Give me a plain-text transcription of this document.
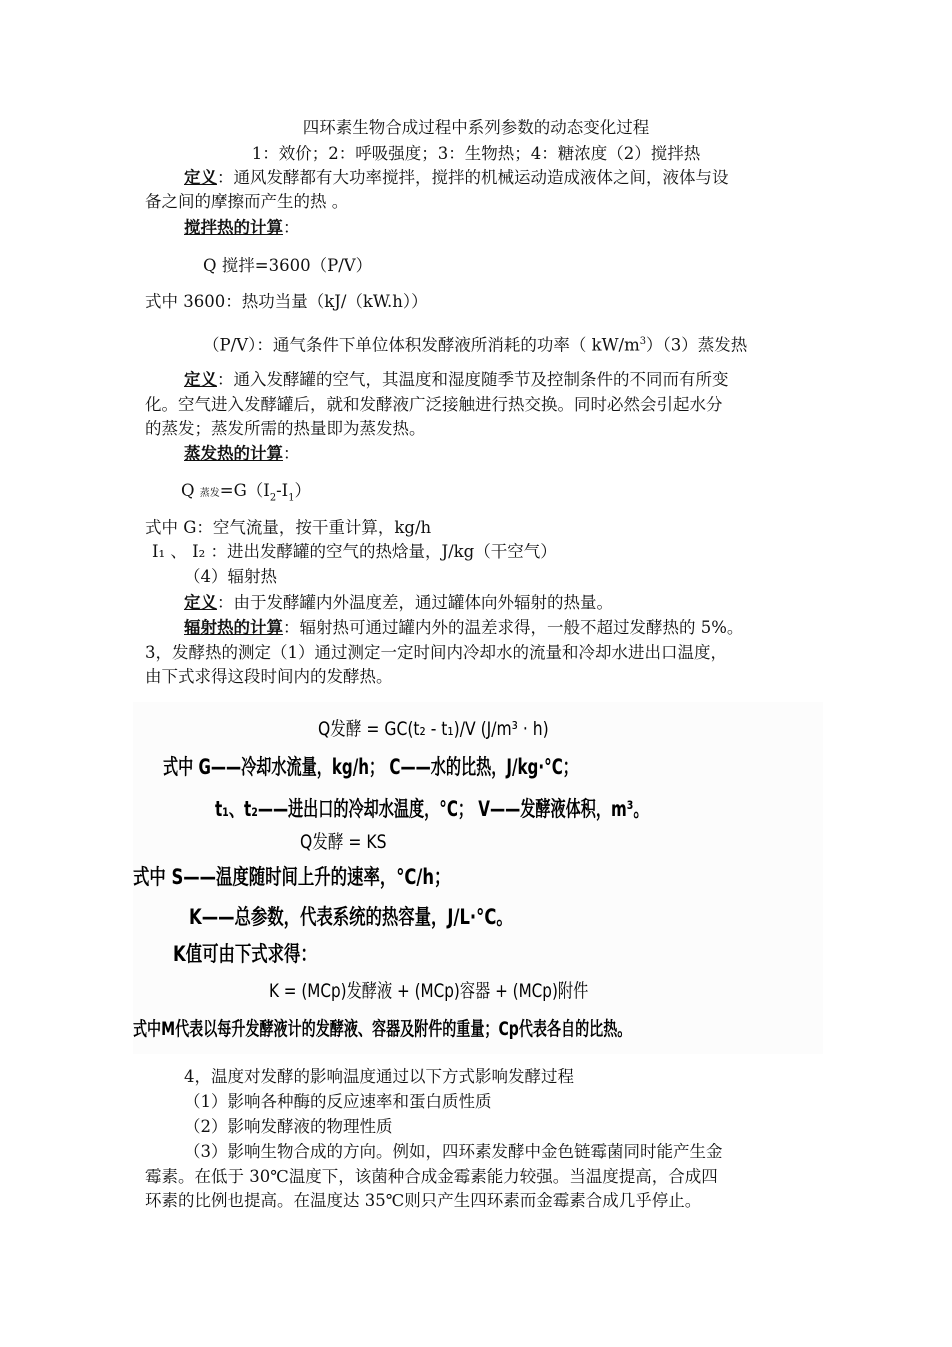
四环素生物合成过程中系列参数的动态变化过程
1：效价；2：呼吸强度；3：生物热；4：糖浓度（2）搅拌热
定义：通风发酵都有大功率搅拌，搅拌的机械运动造成液体之间，液体与设
备之间的摩擦而产生的热 。
搅拌热的计算：
Q 搅拌=3600（P/V）
式中 3600：热功当量（kJ/（kW.h））
（P/V）：通气条件下单位体积发酵液所消耗的功率（ $kW/m^3)(3)$蒸发热
定义：通入发酵罐的空气，其温度和湿度随季节及控制条件的不同而有所变
化。空气进入发酵罐后，就和发酵液广泛接触进行热交换。同时必然会引起水分
的蒸发；蒸发所需的热量即为蒸发热。
蒸发热的计算：
Q 蒸发$=G(I_2-I_1)$
式中 G：空气流量，按干重计算，kg/h
I₁ 、 I₂ ：进出发酵罐的空气的热焓量，J/kg（干空气）
（4）辐射热
定义：由于发酵罐内外温度差，通过罐体向外辐射的热量。
辐射热的计算：辐射热可通过罐内外的温差求得，一般不超过发酵热的 5%。
3，发酵热的测定（1）通过测定一定时间内冷却水的流量和冷却水进出口温度，
由下式求得这段时间内的发酵热。
Q发酵 = GC(t₂ - t₁)/V (J/m³ · h)
式中 G——冷却水流量，kg/h； C——水的比热，J/kg·°C；
t₁、t₂——进出口的冷却水温度，°C； V——发酵液体积，m³。
Q发酵 = KS
式中 S——温度随时间上升的速率，°C/h；
K——总参数，代表系统的热容量，J/L·°C。
K值可由下式求得：
K = (MCp)发酵液 + (MCp)容器 + (MCp)附件
式中M代表以每升发酵液计的发酵液、容器及附件的重量；Cp代表各自的比热。
4，温度对发酵的影响温度通过以下方式影响发酵过程
（1）影响各种酶的反应速率和蛋白质性质
（2）影响发酵液的物理性质
（3）影响生物合成的方向。例如，四环素发酵中金色链霉菌同时能产生金
霉素。在低于 30℃温度下，该菌种合成金霉素能力较强。当温度提高，合成四
环素的比例也提高。在温度达 35℃则只产生四环素而金霉素合成几乎停止。
